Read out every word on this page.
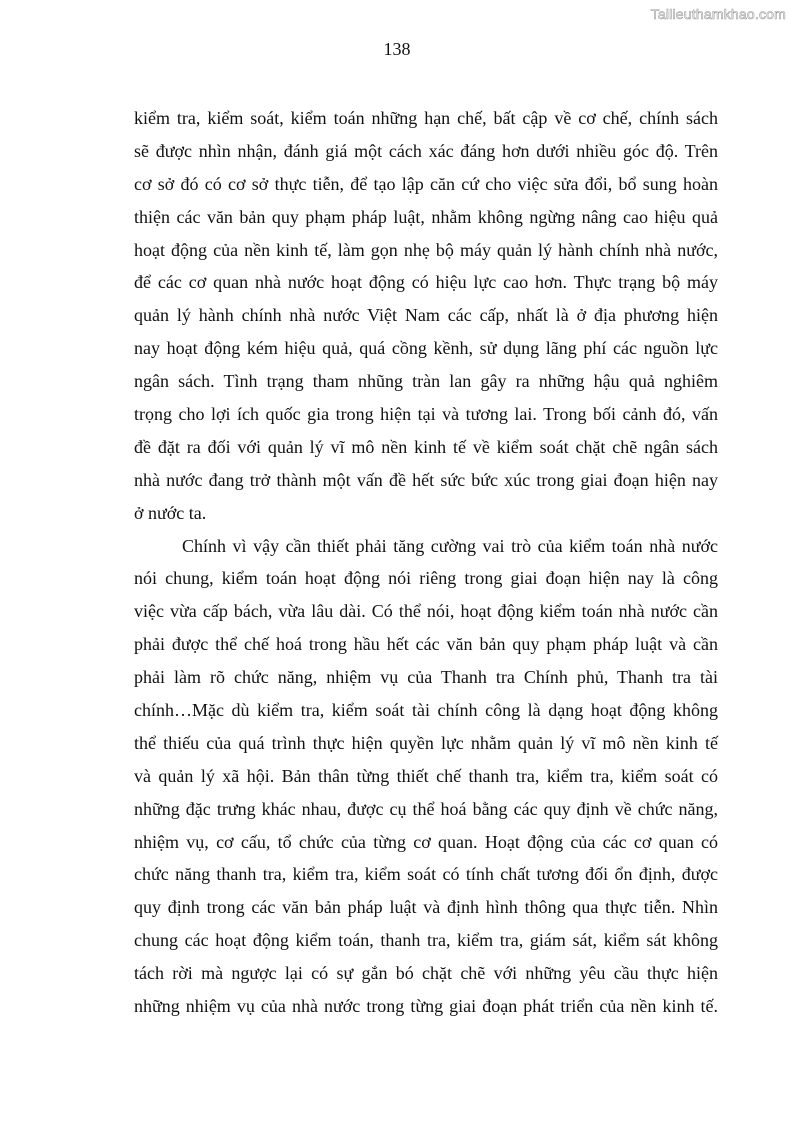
Tailieuthamkhao.com
138
kiểm tra, kiểm soát, kiểm toán những hạn chế, bất cập về cơ chế, chính sách
sẽ được nhìn nhận, đánh giá một cách xác đáng hơn dưới nhiều góc độ. Trên
cơ sở đó có cơ sở thực tiễn, để tạo lập căn cứ cho việc sửa đổi, bổ sung hoàn
thiện các văn bản quy phạm pháp luật, nhằm không ngừng nâng cao hiệu quả
hoạt động của nền kinh tế, làm gọn nhẹ bộ máy quản lý hành chính nhà nước,
để các cơ quan nhà nước hoạt động có hiệu lực cao hơn. Thực trạng bộ máy
quản lý hành chính nhà nước Việt Nam các cấp, nhất là ở địa phương hiện
nay hoạt động kém hiệu quả, quá cồng kềnh, sử dụng lãng phí các nguồn lực
ngân sách. Tình trạng tham nhũng tràn lan gây ra những hậu quả nghiêm
trọng cho lợi ích quốc gia trong hiện tại và tương lai. Trong bối cảnh đó, vấn
đề đặt ra đối với quản lý vĩ mô nền kinh tế về kiểm soát chặt chẽ ngân sách
nhà nước đang trở thành một vấn đề hết sức bức xúc trong giai đoạn hiện nay
ở nước ta.
Chính vì vậy cần thiết phải tăng cường vai trò của kiểm toán nhà nước
nói chung, kiểm toán hoạt động nói riêng trong giai đoạn hiện nay là công
việc vừa cấp bách, vừa lâu dài. Có thể nói, hoạt động kiểm toán nhà nước cần
phải được thể chế hoá trong hầu hết các văn bản quy phạm pháp luật và cần
phải làm rõ chức năng, nhiệm vụ của Thanh tra Chính phủ, Thanh tra tài
chính…Mặc dù kiểm tra, kiểm soát tài chính công là dạng hoạt động không
thể thiếu của quá trình thực hiện quyền lực nhằm quản lý vĩ mô nền kinh tế
và quản lý xã hội. Bản thân từng thiết chế thanh tra, kiểm tra, kiểm soát có
những đặc trưng khác nhau, được cụ thể hoá bằng các quy định về chức năng,
nhiệm vụ, cơ cấu, tổ chức của từng cơ quan. Hoạt động của các cơ quan có
chức năng thanh tra, kiểm tra, kiểm soát có tính chất tương đối ổn định, được
quy định trong các văn bản pháp luật và định hình thông qua thực tiễn. Nhìn
chung các hoạt động kiểm toán, thanh tra, kiểm tra, giám sát, kiểm sát không
tách rời mà ngược lại có sự gắn bó chặt chẽ với những yêu cầu thực hiện
những nhiệm vụ của nhà nước trong từng giai đoạn phát triển của nền kinh tế.
